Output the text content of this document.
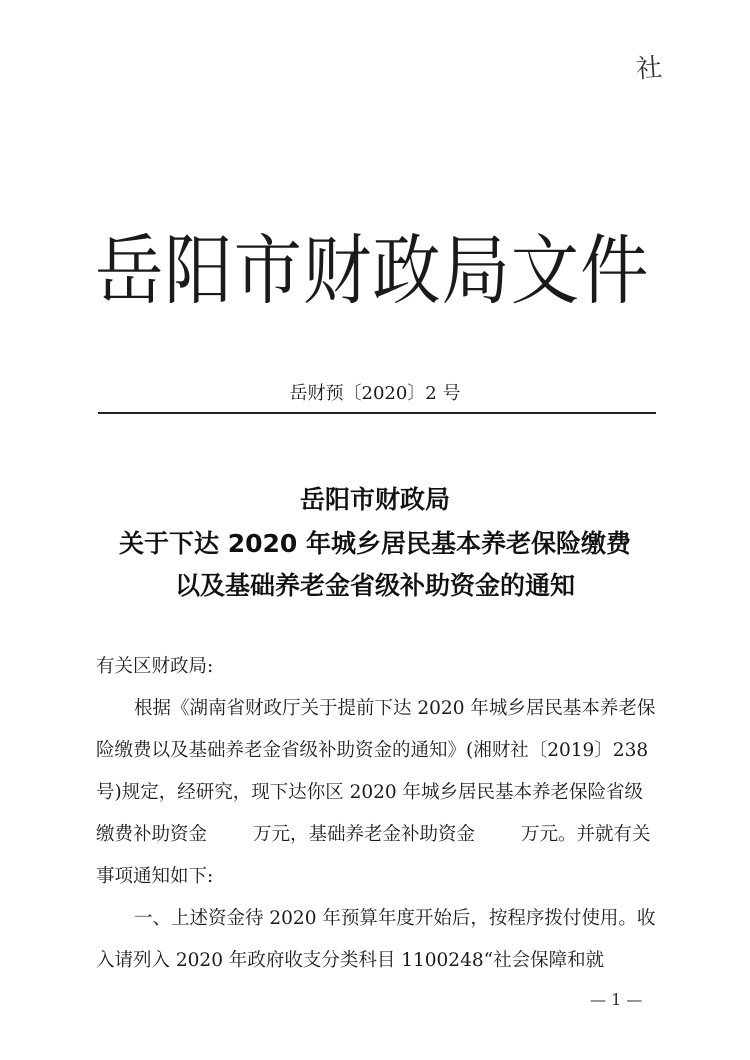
社
岳阳市财政局文件
岳财预〔2020〕2 号
岳阳市财政局
关于下达 2020 年城乡居民基本养老保险缴费
以及基础养老金省级补助资金的通知
有关区财政局:
根据《湖南省财政厅关于提前下达 2020 年城乡居民基本养老保险缴费以及基础养老金省级补助资金的通知》(湘财社〔2019〕238 号)规定，经研究，现下达你区 2020 年城乡居民基本养老保险省级缴费补助资金 万元，基础养老金补助资金 万元。并就有关事项通知如下:
一、上述资金待 2020 年预算年度开始后，按程序拨付使用。收入请列入 2020 年政府收支分类科目 1100248“社会保障和就
— 1 —
